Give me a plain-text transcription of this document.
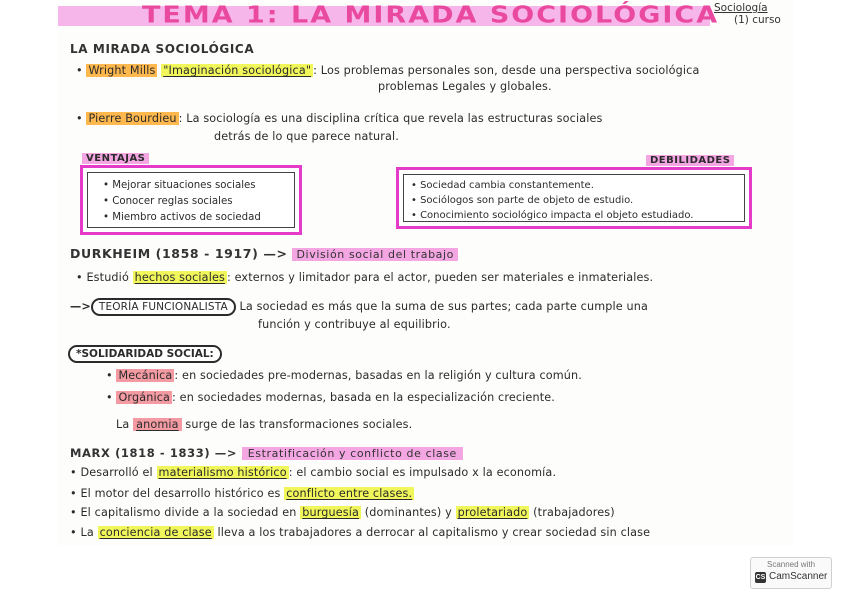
TEMA 1: LA MIRADA SOCIOLÓGICA
Sociología
(1) curso
LA MIRADA SOCIOLÓGICA
• Wright Mills "Imaginación sociológica" : Los problemas personales son, desde una perspectiva sociológica
problemas Legales y globales.
• Pierre Bourdieu : La sociología es una disciplina crítica que revela las estructuras sociales
detrás de lo que parece natural.
VENTAJAS
• Mejorar situaciones sociales
• Conocer reglas sociales
• Miembro activos de sociedad
DEBILIDADES
• Sociedad cambia constantemente.
• Sociólogos son parte de objeto de estudio.
• Conocimiento sociológico impacta el objeto estudiado.
DURKHEIM (1858 - 1917) —> División social del trabajo
• Estudió hechos sociales : externos y limitador para el actor, pueden ser materiales e inmateriales.
—> TEORÍA FUNCIONALISTA La sociedad es más que la suma de sus partes; cada parte cumple una
función y contribuye al equilibrio.
*SOLIDARIDAD SOCIAL:
• Mecánica : en sociedades pre-modernas, basadas en la religión y cultura común.
• Orgánica : en sociedades modernas, basada en la especialización creciente.
La anomia surge de las transformaciones sociales.
MARX (1818 - 1833) —> Estratificación y conflicto de clase
• Desarrolló el materialismo histórico : el cambio social es impulsado x la economía.
• El motor del desarrollo histórico es conflicto entre clases.
• El capitalismo divide a la sociedad en burguesía (dominantes) y proletariado (trabajadores)
• La conciencia de clase lleva a los trabajadores a derrocar al capitalismo y crear sociedad sin clase
Scanned with
CS CamScanner
